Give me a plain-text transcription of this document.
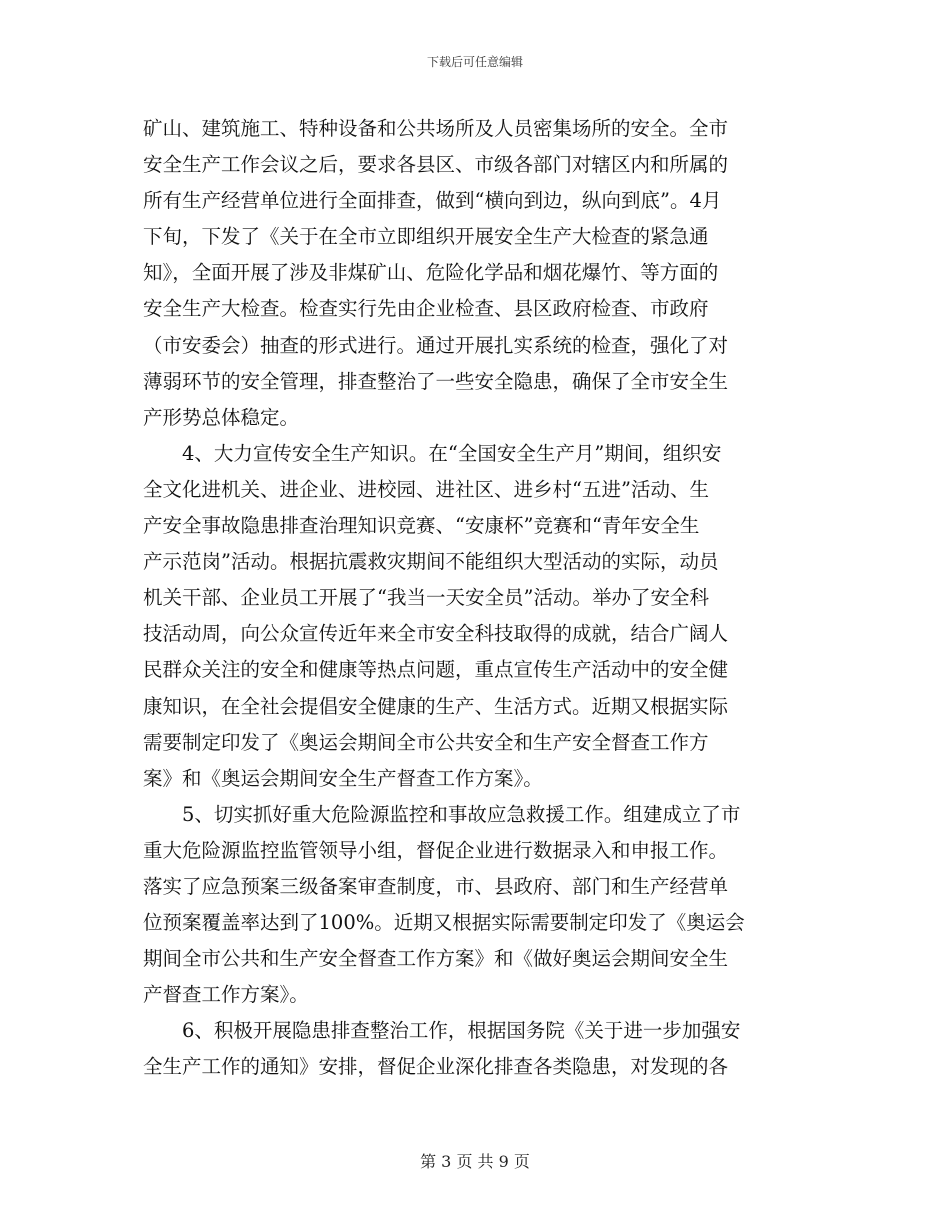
下载后可任意编辑
矿山、建筑施工、特种设备和公共场所及人员密集场所的安全。全市
安全生产工作会议之后，要求各县区、市级各部门对辖区内和所属的
所有生产经营单位进行全面排查，做到“横向到边，纵向到底”。4月
下旬，下发了《关于在全市立即组织开展安全生产大检查的紧急通
知》，全面开展了涉及非煤矿山、危险化学品和烟花爆竹、等方面的
安全生产大检查。检查实行先由企业检查、县区政府检查、市政府
（市安委会）抽查的形式进行。通过开展扎实系统的检查，强化了对
薄弱环节的安全管理，排查整治了一些安全隐患，确保了全市安全生
产形势总体稳定。
　　4、大力宣传安全生产知识。在“全国安全生产月”期间，组织安
全文化进机关、进企业、进校园、进社区、进乡村“五进”活动、生
产安全事故隐患排查治理知识竞赛、“安康杯”竞赛和“青年安全生
产示范岗”活动。根据抗震救灾期间不能组织大型活动的实际，动员
机关干部、企业员工开展了“我当一天安全员”活动。举办了安全科
技活动周，向公众宣传近年来全市安全科技取得的成就，结合广阔人
民群众关注的安全和健康等热点问题，重点宣传生产活动中的安全健
康知识，在全社会提倡安全健康的生产、生活方式。近期又根据实际
需要制定印发了《奥运会期间全市公共安全和生产安全督查工作方
案》和《奥运会期间安全生产督查工作方案》。
　　5、切实抓好重大危险源监控和事故应急救援工作。组建成立了市
重大危险源监控监管领导小组，督促企业进行数据录入和申报工作。
落实了应急预案三级备案审查制度，市、县政府、部门和生产经营单
位预案覆盖率达到了100%。近期又根据实际需要制定印发了《奥运会
期间全市公共和生产安全督查工作方案》和《做好奥运会期间安全生
产督查工作方案》。
　　6、积极开展隐患排查整治工作，根据国务院《关于进一步加强安
全生产工作的通知》安排，督促企业深化排查各类隐患，对发现的各
第 3 页 共 9 页
